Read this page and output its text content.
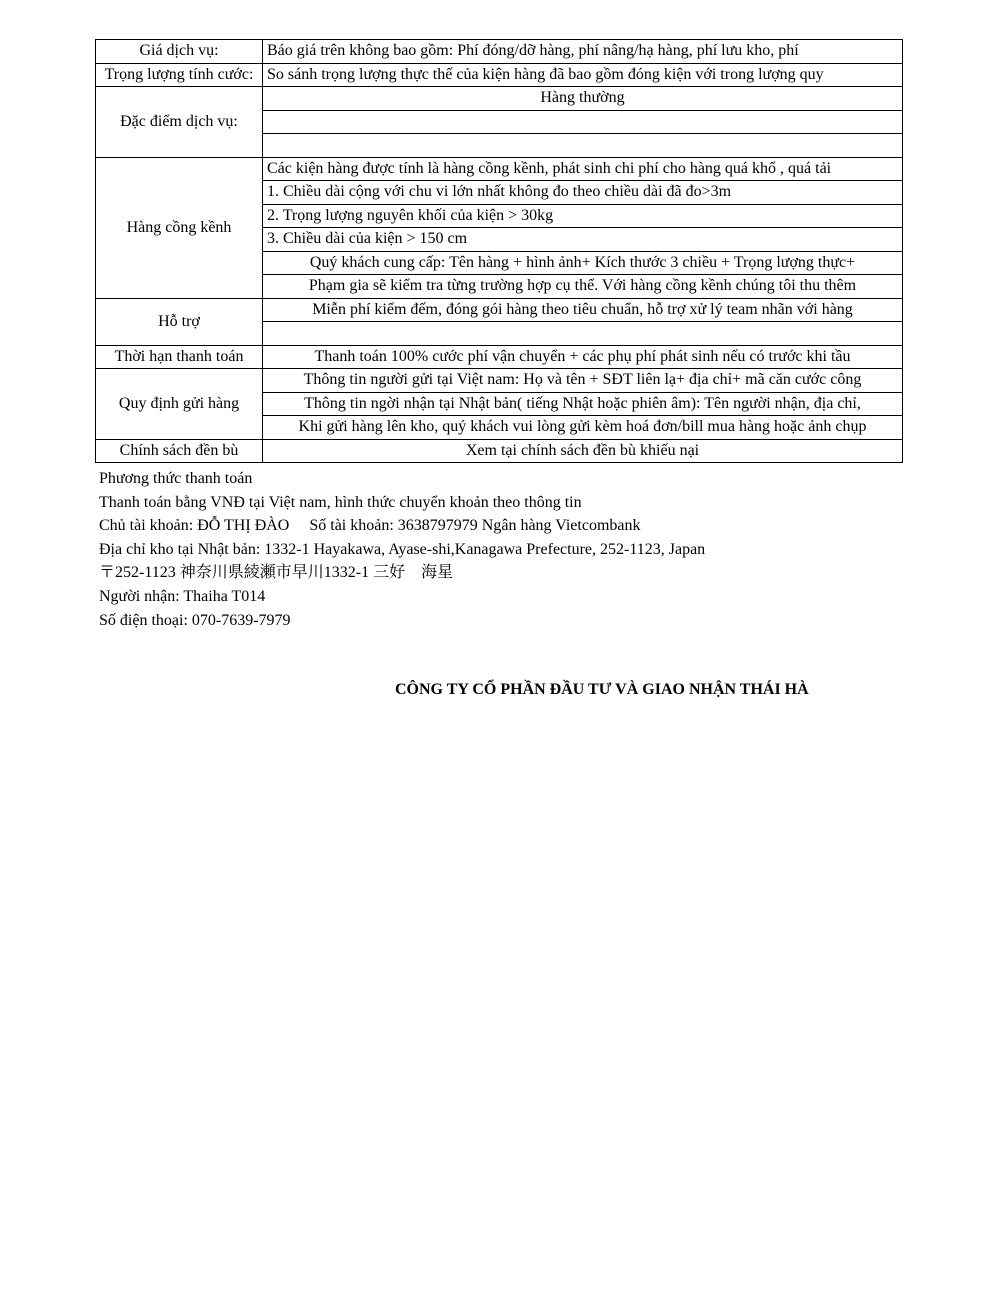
Giá dịch vụ:	Báo giá trên không bao gồm: Phí đóng/dỡ hàng, phí nâng/hạ hàng, phí lưu kho, phí
Trọng lượng tính cước:	So sánh trọng lượng thực thế của kiện hàng đã bao gồm đóng kiện với trong lượng quy
Đặc điểm dịch vụ:	Hàng thường

Hàng cồng kềnh	Các kiện hàng được tính là hàng cồng kềnh, phát sinh chi phí cho hàng quá khổ , quá tải
	1. Chiều dài cộng với chu vi lớn nhất không đo theo chiều dài đã đo>3m
	2. Trọng lượng nguyên khối của kiện > 30kg
	3. Chiều dài của kiện > 150 cm
	Quý khách cung cấp: Tên hàng + hình ảnh+ Kích thước 3 chiều + Trọng lượng thực+
	Phạm gia sẽ kiểm tra từng trường hợp cụ thể. Với hàng cồng kềnh chúng tôi thu thêm
Hỗ trợ	Miễn phí kiểm đếm, đóng gói hàng theo tiêu chuẩn, hỗ trợ xử lý team nhãn với hàng

Thời hạn thanh toán	Thanh toán 100% cước phí vận chuyển + các phụ phí phát sinh nếu có trước khi tầu
Quy định gửi hàng	Thông tin người gửi tại Việt nam: Họ và tên + SĐT liên lạ+ địa chỉ+ mã căn cước công
	Thông tin ngời nhận tại Nhật bản( tiếng Nhật hoặc phiên âm): Tên người nhận, địa chỉ,
	Khi gửi hàng lên kho, quý khách vui lòng gửi kèm hoá đơn/bill mua hàng hoặc ảnh chụp
Chính sách đền bù	Xem tại chính sách đền bù khiếu nại
Phương thức thanh toán
Thanh toán bằng VNĐ tại Việt nam, hình thức chuyển khoản theo thông tin
Chủ tài khoản: ĐỖ THỊ ĐÀO     Số tài khoản: 3638797979 Ngân hàng Vietcombank
Địa chỉ kho tại Nhật bản: 1332-1 Hayakawa, Ayase-shi,Kanagawa Prefecture, 252-1123, Japan
〒252-1123 神奈川県綾瀬市早川1332-1 三好　海星
Người nhận: Thaiha T014
Số điện thoại: 070-7639-7979
CÔNG TY CỔ PHẦN ĐẦU TƯ VÀ GIAO NHẬN THÁI HÀ
